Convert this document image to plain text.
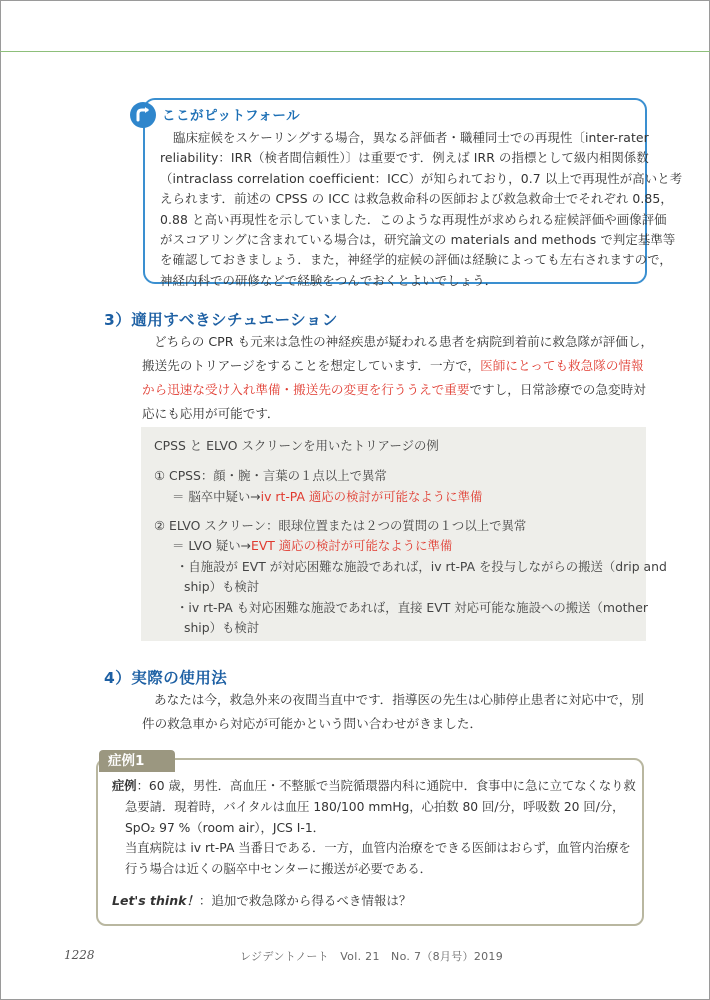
ここがピットフォール
臨床症候をスケーリングする場合，異なる評価者・職種同士での再現性〔inter-rater
reliability：IRR（検者間信頼性）〕は重要です．例えば IRR の指標として級内相関係数
（intraclass correlation coefficient：ICC）が知られており，0.7 以上で再現性が高いと考
えられます．前述の CPSS の ICC は救急救命科の医師および救急救命士でそれぞれ 0.85，
0.88 と高い再現性を示していました．このような再現性が求められる症候評価や画像評価
がスコアリングに含まれている場合は，研究論文の materials and methods で判定基準等
を確認しておきましょう．また，神経学的症候の評価は経験によっても左右されますので，
神経内科での研修などで経験をつんでおくとよいでしょう．
3）適用すべきシチュエーション
どちらの CPR も元来は急性の神経疾患が疑われる患者を病院到着前に救急隊が評価し，
搬送先のトリアージをすることを想定しています．一方で，医師にとっても救急隊の情報
から迅速な受け入れ準備・搬送先の変更を行ううえで重要ですし，日常診療での急変時対
応にも応用が可能です．
CPSS と ELVO スクリーンを用いたトリアージの例
① CPSS：顔・腕・言葉の１点以上で異常
＝ 脳卒中疑い→iv rt-PA 適応の検討が可能なように準備
② ELVO スクリーン：眼球位置または２つの質問の１つ以上で異常
＝ LVO 疑い→EVT 適応の検討が可能なように準備
・自施設が EVT が対応困難な施設であれば，iv rt-PA を投与しながらの搬送（drip and
ship）も検討
・iv rt-PA も対応困難な施設であれば，直接 EVT 対応可能な施設への搬送（mother
ship）も検討
4）実際の使用法
あなたは今，救急外来の夜間当直中です．指導医の先生は心肺停止患者に対応中で，別
件の救急車から対応が可能かという問い合わせがきました．
症例1
症例：60 歳，男性．高血圧・不整脈で当院循環器内科に通院中．食事中に急に立てなくなり救
急要請．現着時，バイタルは血圧 180/100 mmHg，心拍数 80 回/分，呼吸数 20 回/分，
SpO₂ 97 %（room air），JCS Ⅰ-1．
当直病院は iv rt-PA 当番日である．一方，血管内治療をできる医師はおらず，血管内治療を
行う場合は近くの脳卒中センターに搬送が必要である．
Let's think！：追加で救急隊から得るべき情報は？
1228	レジデントノート　Vol. 21　No. 7（8月号）2019
